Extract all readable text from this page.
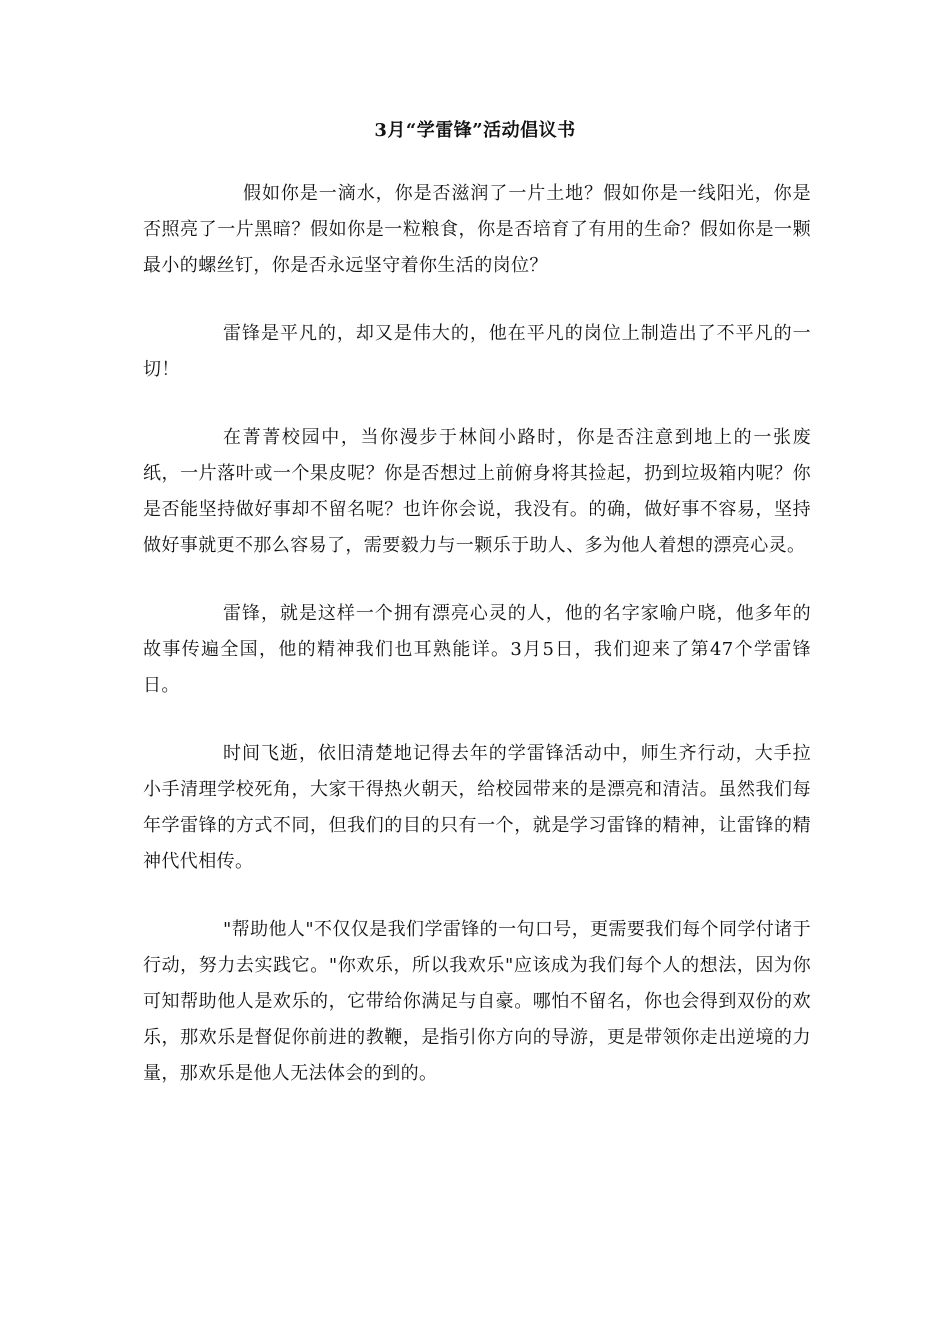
3月“学雷锋”活动倡议书

假如你是一滴水，你是否滋润了一片土地？假如你是一线阳光，你是否照亮了一片黑暗？假如你是一粒粮食，你是否培育了有用的生命？假如你是一颗最小的螺丝钉，你是否永远坚守着你生活的岗位？

雷锋是平凡的，却又是伟大的，他在平凡的岗位上制造出了不平凡的一切！

在菁菁校园中，当你漫步于林间小路时，你是否注意到地上的一张废纸，一片落叶或一个果皮呢？你是否想过上前俯身将其捡起，扔到垃圾箱内呢？你是否能坚持做好事却不留名呢？也许你会说，我没有。的确，做好事不容易，坚持做好事就更不那么容易了，需要毅力与一颗乐于助人、多为他人着想的漂亮心灵。

雷锋，就是这样一个拥有漂亮心灵的人，他的名字家喻户晓，他多年的故事传遍全国，他的精神我们也耳熟能详。3月5日，我们迎来了第47个学雷锋日。

时间飞逝，依旧清楚地记得去年的学雷锋活动中，师生齐行动，大手拉小手清理学校死角，大家干得热火朝天，给校园带来的是漂亮和清洁。虽然我们每年学雷锋的方式不同，但我们的目的只有一个，就是学习雷锋的精神，让雷锋的精神代代相传。

"帮助他人"不仅仅是我们学雷锋的一句口号，更需要我们每个同学付诸于行动，努力去实践它。"你欢乐，所以我欢乐"应该成为我们每个人的想法，因为你可知帮助他人是欢乐的，它带给你满足与自豪。哪怕不留名，你也会得到双份的欢乐，那欢乐是督促你前进的教鞭，是指引你方向的导游，更是带领你走出逆境的力量，那欢乐是他人无法体会的到的。
